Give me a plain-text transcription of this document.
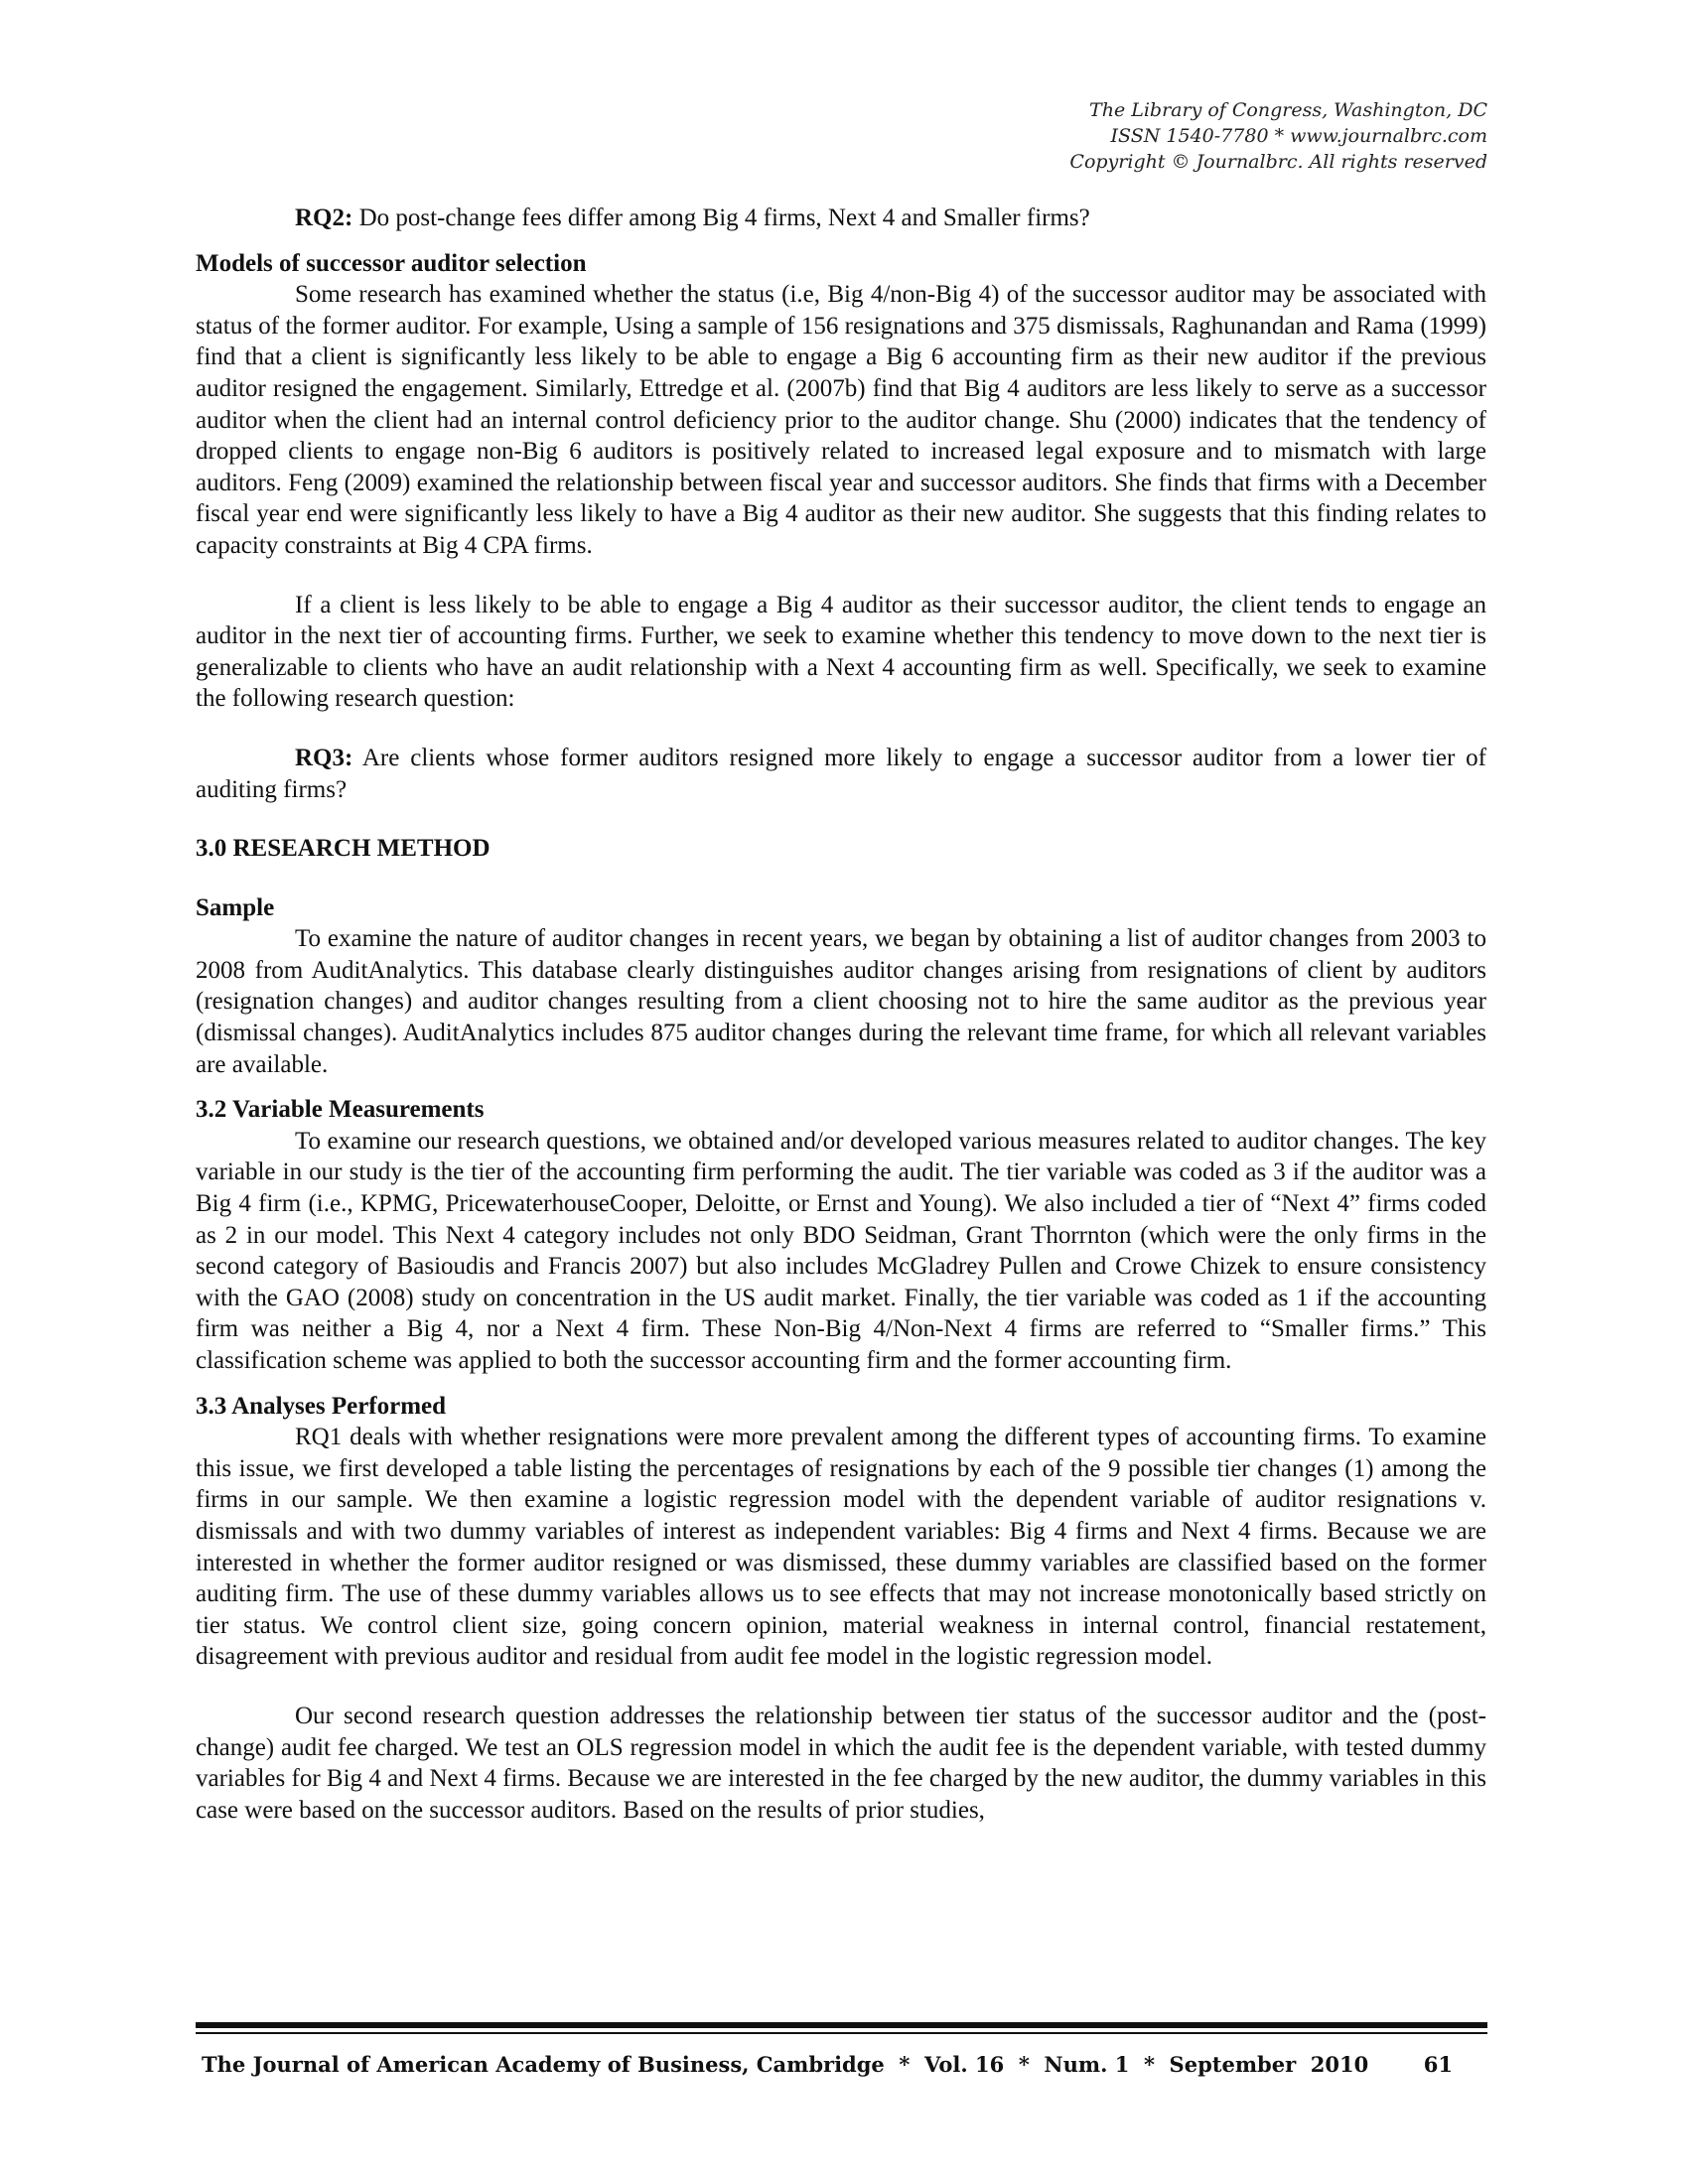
The Library of Congress, Washington, DC
ISSN 1540-7780 * www.journalbrc.com
Copyright © Journalbrc. All rights reserved

RQ2: Do post-change fees differ among Big 4 firms, Next 4 and Smaller firms?

Models of successor auditor selection

Some research has examined whether the status (i.e, Big 4/non-Big 4) of the successor auditor may be associated with status of the former auditor. For example, Using a sample of 156 resignations and 375 dismissals, Raghunandan and Rama (1999) find that a client is significantly less likely to be able to engage a Big 6 accounting firm as their new auditor if the previous auditor resigned the engagement. Similarly, Ettredge et al. (2007b) find that Big 4 auditors are less likely to serve as a successor auditor when the client had an internal control deficiency prior to the auditor change. Shu (2000) indicates that the tendency of dropped clients to engage non-Big 6 auditors is positively related to increased legal exposure and to mismatch with large auditors. Feng (2009) examined the relationship between fiscal year and successor auditors. She finds that firms with a December fiscal year end were significantly less likely to have a Big 4 auditor as their new auditor. She suggests that this finding relates to capacity constraints at Big 4 CPA firms.

If a client is less likely to be able to engage a Big 4 auditor as their successor auditor, the client tends to engage an auditor in the next tier of accounting firms. Further, we seek to examine whether this tendency to move down to the next tier is generalizable to clients who have an audit relationship with a Next 4 accounting firm as well. Specifically, we seek to examine the following research question:

RQ3: Are clients whose former auditors resigned more likely to engage a successor auditor from a lower tier of auditing firms?

3.0 RESEARCH METHOD

Sample

To examine the nature of auditor changes in recent years, we began by obtaining a list of auditor changes from 2003 to 2008 from AuditAnalytics. This database clearly distinguishes auditor changes arising from resignations of client by auditors (resignation changes) and auditor changes resulting from a client choosing not to hire the same auditor as the previous year (dismissal changes). AuditAnalytics includes 875 auditor changes during the relevant time frame, for which all relevant variables are available.

3.2 Variable Measurements

To examine our research questions, we obtained and/or developed various measures related to auditor changes. The key variable in our study is the tier of the accounting firm performing the audit. The tier variable was coded as 3 if the auditor was a Big 4 firm (i.e., KPMG, PricewaterhouseCooper, Deloitte, or Ernst and Young). We also included a tier of “Next 4” firms coded as 2 in our model. This Next 4 category includes not only BDO Seidman, Grant Thorrnton (which were the only firms in the second category of Basioudis and Francis 2007) but also includes McGladrey Pullen and Crowe Chizek to ensure consistency with the GAO (2008) study on concentration in the US audit market. Finally, the tier variable was coded as 1 if the accounting firm was neither a Big 4, nor a Next 4 firm. These Non-Big 4/Non-Next 4 firms are referred to “Smaller firms.” This classification scheme was applied to both the successor accounting firm and the former accounting firm.

3.3 Analyses Performed

RQ1 deals with whether resignations were more prevalent among the different types of accounting firms. To examine this issue, we first developed a table listing the percentages of resignations by each of the 9 possible tier changes (1) among the firms in our sample. We then examine a logistic regression model with the dependent variable of auditor resignations v. dismissals and with two dummy variables of interest as independent variables: Big 4 firms and Next 4 firms. Because we are interested in whether the former auditor resigned or was dismissed, these dummy variables are classified based on the former auditing firm. The use of these dummy variables allows us to see effects that may not increase monotonically based strictly on tier status. We control client size, going concern opinion, material weakness in internal control, financial restatement, disagreement with previous auditor and residual from audit fee model in the logistic regression model.

Our second research question addresses the relationship between tier status of the successor auditor and the (post-change) audit fee charged. We test an OLS regression model in which the audit fee is the dependent variable, with tested dummy variables for Big 4 and Next 4 firms. Because we are interested in the fee charged by the new auditor, the dummy variables in this case were based on the successor auditors. Based on the results of prior studies,

The Journal of American Academy of Business, Cambridge  *  Vol. 16  *  Num. 1  *  September  2010	61
